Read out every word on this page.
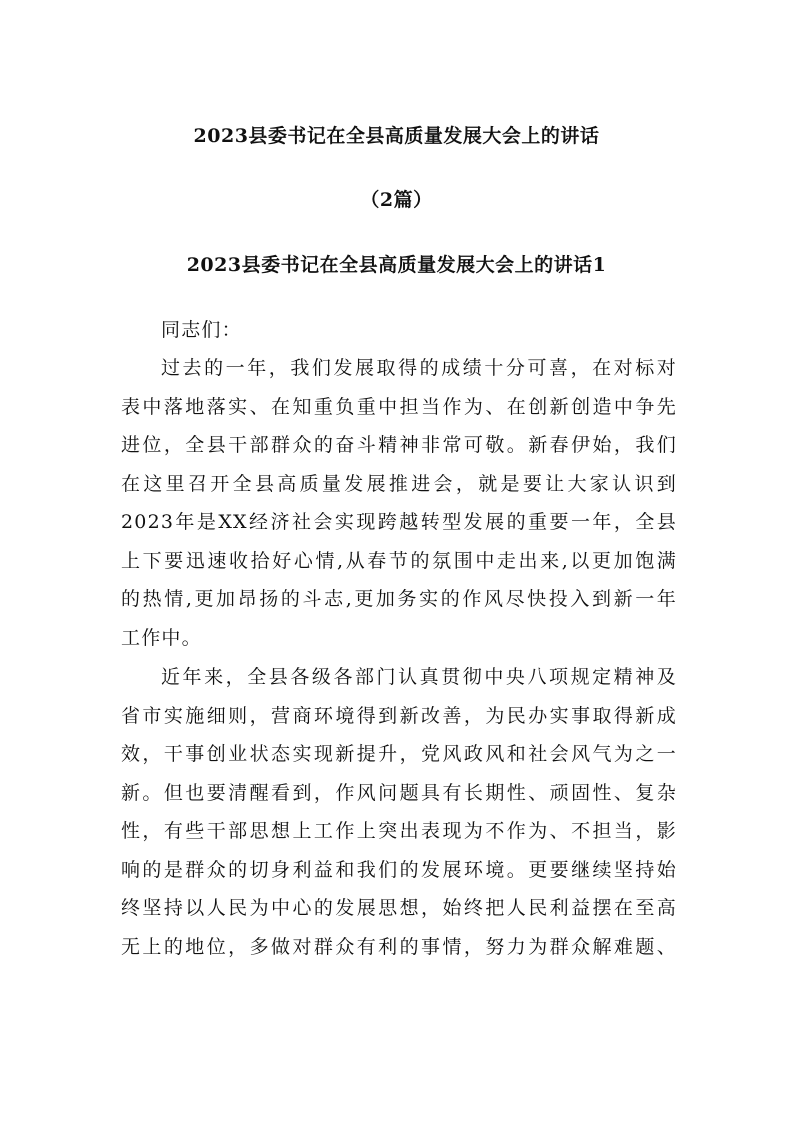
2023县委书记在全县高质量发展大会上的讲话
（2篇）
2023县委书记在全县高质量发展大会上的讲话1
同志们：
过去的一年，我们发展取得的成绩十分可喜，在对标对
表中落地落实、在知重负重中担当作为、在创新创造中争先
进位，全县干部群众的奋斗精神非常可敬。新春伊始，我们
在这里召开全县高质量发展推进会，就是要让大家认识到
2023年是XX经济社会实现跨越转型发展的重要一年，全县
上下要迅速收拾好心情,从春节的氛围中走出来,以更加饱满
的热情,更加昂扬的斗志,更加务实的作风尽快投入到新一年
工作中。
近年来，全县各级各部门认真贯彻中央八项规定精神及
省市实施细则，营商环境得到新改善，为民办实事取得新成
效，干事创业状态实现新提升，党风政风和社会风气为之一
新。但也要清醒看到，作风问题具有长期性、顽固性、复杂
性，有些干部思想上工作上突出表现为不作为、不担当，影
响的是群众的切身利益和我们的发展环境。更要继续坚持始
终坚持以人民为中心的发展思想，始终把人民利益摆在至高
无上的地位，多做对群众有利的事情，努力为群众解难题、
